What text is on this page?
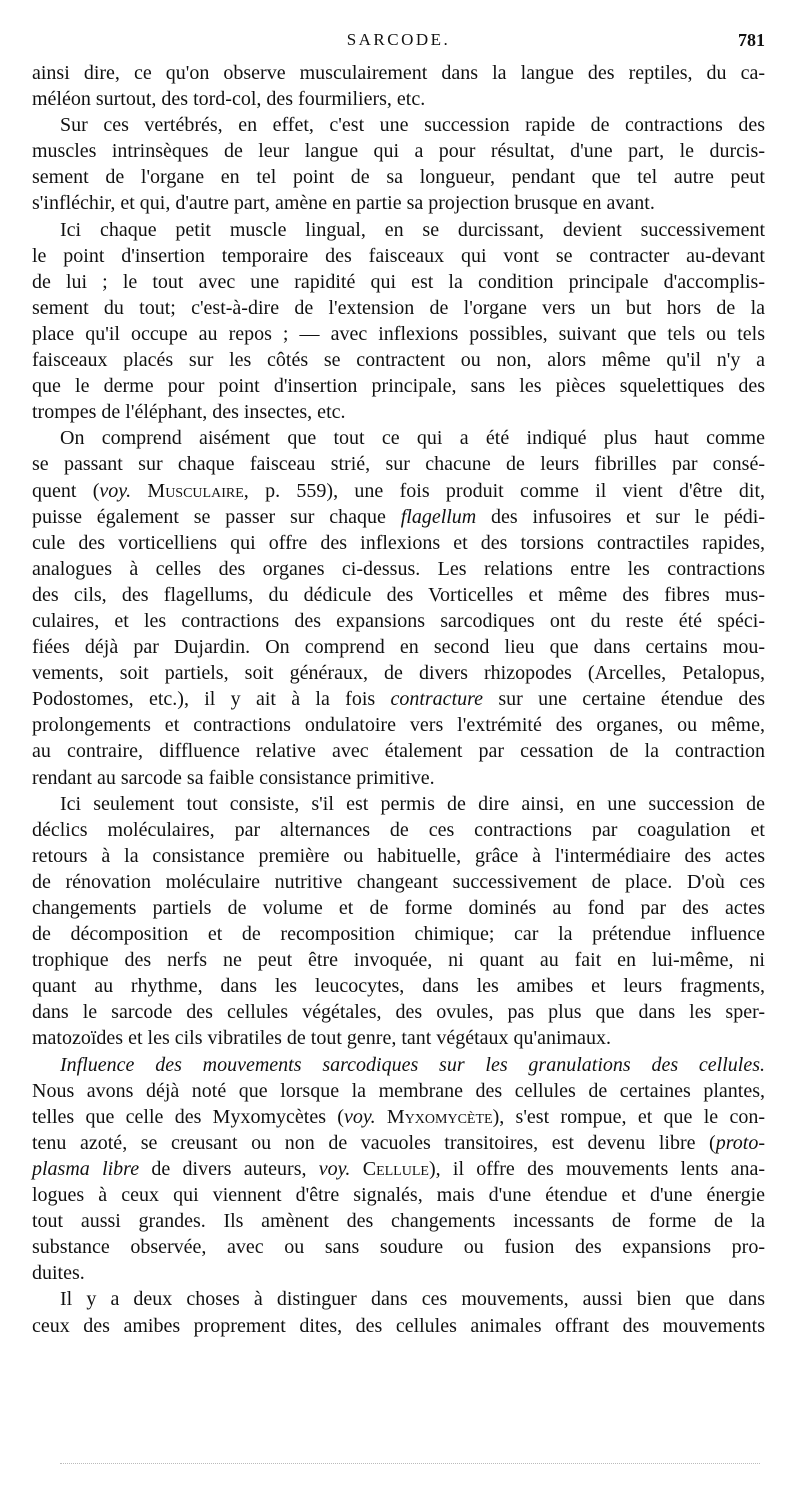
SARCODE.	781
ainsi dire, ce qu'on observe musculairement dans la langue des reptiles, du ca-
méléon surtout, des tord-col, des fourmiliers, etc.
Sur ces vertébrés, en effet, c'est une succession rapide de contractions des
muscles intrinsèques de leur langue qui a pour résultat, d'une part, le durcis-
sement de l'organe en tel point de sa longueur, pendant que tel autre peut
s'infléchir, et qui, d'autre part, amène en partie sa projection brusque en avant.
Ici chaque petit muscle lingual, en se durcissant, devient successivement
le point d'insertion temporaire des faisceaux qui vont se contracter au-devant
de lui ; le tout avec une rapidité qui est la condition principale d'accomplis-
sement du tout; c'est-à-dire de l'extension de l'organe vers un but hors de la
place qu'il occupe au repos ; — avec inflexions possibles, suivant que tels ou tels
faisceaux placés sur les côtés se contractent ou non, alors même qu'il n'y a
que le derme pour point d'insertion principale, sans les pièces squelettiques des
trompes de l'éléphant, des insectes, etc.
On comprend aisément que tout ce qui a été indiqué plus haut comme
se passant sur chaque faisceau strié, sur chacune de leurs fibrilles par consé-
quent (voy. Musculaire, p. 559), une fois produit comme il vient d'être dit,
puisse également se passer sur chaque flagellum des infusoires et sur le pédi-
cule des vorticelliens qui offre des inflexions et des torsions contractiles rapides,
analogues à celles des organes ci-dessus. Les relations entre les contractions
des cils, des flagellums, du dédicule des Vorticelles et même des fibres mus-
culaires, et les contractions des expansions sarcodiques ont du reste été spéci-
fiées déjà par Dujardin. On comprend en second lieu que dans certains mou-
vements, soit partiels, soit généraux, de divers rhizopodes (Arcelles, Petalopus,
Podostomes, etc.), il y ait à la fois contracture sur une certaine étendue des
prolongements et contractions ondulatoire vers l'extrémité des organes, ou même,
au contraire, diffluence relative avec étalement par cessation de la contraction
rendant au sarcode sa faible consistance primitive.
Ici seulement tout consiste, s'il est permis de dire ainsi, en une succession de
déclics moléculaires, par alternances de ces contractions par coagulation et
retours à la consistance première ou habituelle, grâce à l'intermédiaire des actes
de rénovation moléculaire nutritive changeant successivement de place. D'où ces
changements partiels de volume et de forme dominés au fond par des actes
de décomposition et de recomposition chimique; car la prétendue influence
trophique des nerfs ne peut être invoquée, ni quant au fait en lui-même, ni
quant au rhythme, dans les leucocytes, dans les amibes et leurs fragments,
dans le sarcode des cellules végétales, des ovules, pas plus que dans les sper-
matozoïdes et les cils vibratiles de tout genre, tant végétaux qu'animaux.
Influence des mouvements sarcodiques sur les granulations des cellules.
Nous avons déjà noté que lorsque la membrane des cellules de certaines plantes,
telles que celle des Myxomycètes (voy. Myxomycète), s'est rompue, et que le con-
tenu azoté, se creusant ou non de vacuoles transitoires, est devenu libre (proto-
plasma libre de divers auteurs, voy. Cellule), il offre des mouvements lents ana-
logues à ceux qui viennent d'être signalés, mais d'une étendue et d'une énergie
tout aussi grandes. Ils amènent des changements incessants de forme de la
substance observée, avec ou sans soudure ou fusion des expansions pro-
duites.
Il y a deux choses à distinguer dans ces mouvements, aussi bien que dans
ceux des amibes proprement dites, des cellules animales offrant des mouvements
